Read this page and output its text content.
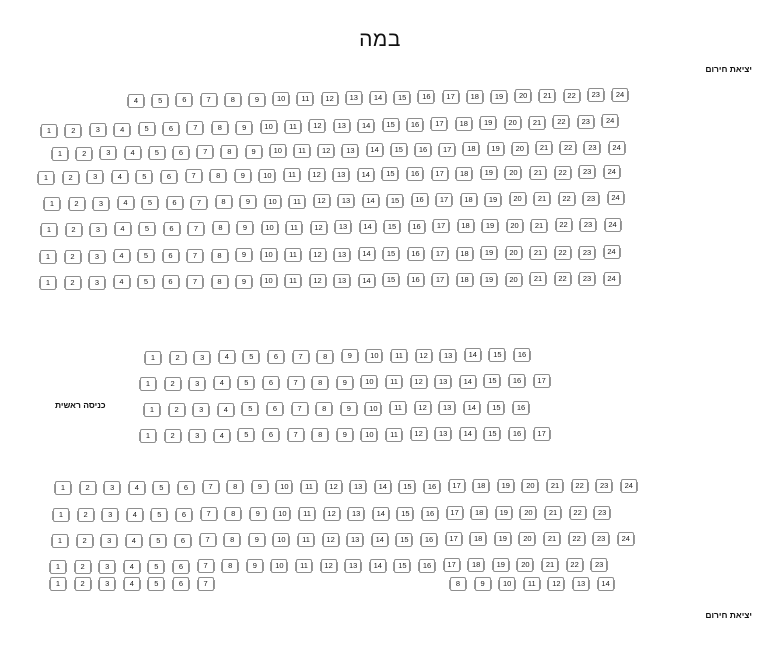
במה
יציאת חירום
כניסה ראשית
יציאת חירום
4	5	6	7	8	9	10	11	12	13	14	15	16	17	18	19	20	21	22	23	24
1	2	3	4	5	6	7	8	9	10	11	12	13	14	15	16	17	18	19	20	21	22	23	24
1	2	3	4	5	6	7	8	9	10	11	12	13	14	15	16	17	18	19	20	21	22	23	24
1	2	3	4	5	6	7	8	9	10	11	12	13	14	15	16	17	18	19	20	21	22	23	24
1	2	3	4	5	6	7	8	9	10	11	12	13	14	15	16	17	18	19	20	21	22	23	24
1	2	3	4	5	6	7	8	9	10	11	12	13	14	15	16	17	18	19	20	21	22	23	24
1	2	3	4	5	6	7	8	9	10	11	12	13	14	15	16	17	18	19	20	21	22	23	24
1	2	3	4	5	6	7	8	9	10	11	12	13	14	15	16	17	18	19	20	21	22	23	24
1	2	3	4	5	6	7	8	9	10	11	12	13	14	15	16
1	2	3	4	5	6	7	8	9	10	11	12	13	14	15	16	17
1	2	3	4	5	6	7	8	9	10	11	12	13	14	15	16
1	2	3	4	5	6	7	8	9	10	11	12	13	14	15	16	17
1	2	3	4	5	6	7	8	9	10	11	12	13	14	15	16	17	18	19	20	21	22	23	24
1	2	3	4	5	6	7	8	9	10	11	12	13	14	15	16	17	18	19	20	21	22	23
1	2	3	4	5	6	7	8	9	10	11	12	13	14	15	16	17	18	19	20	21	22	23	24
1	2	3	4	5	6	7	8	9	10	11	12	13	14	15	16	17	18	19	20	21	22	23
1	2	3	4	5	6	7	8	9	10	11	12	13	14
